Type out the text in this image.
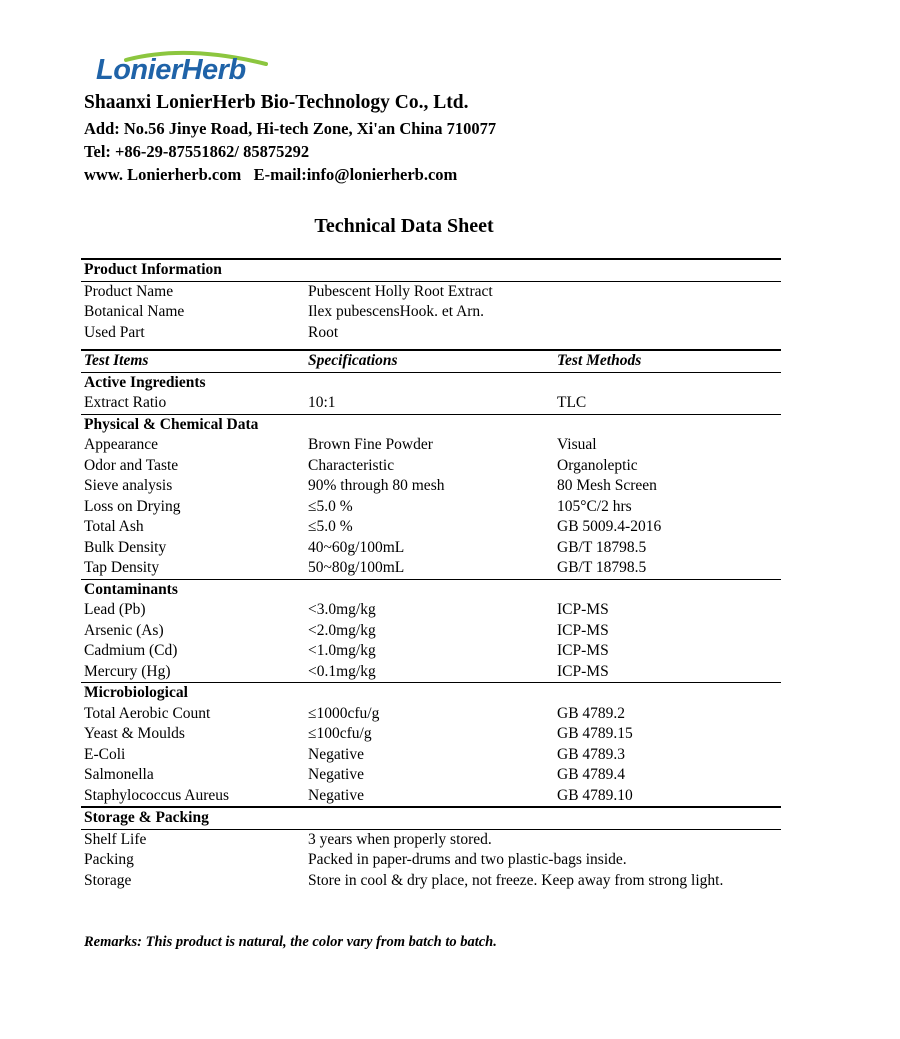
LonierHerb
Shaanxi LonierHerb Bio-Technology Co., Ltd.
Add: No.56 Jinye Road, Hi-tech Zone, Xi'an China 710077
Tel: +86-29-87551862/ 85875292
www. Lonierherb.com   E-mail:info@lonierherb.com
Technical Data Sheet
Product Information
Product Name	Pubescent Holly Root Extract
Botanical Name	Ilex pubescensHook. et Arn.
Used Part	Root
Test Items	Specifications	Test Methods
Active Ingredients
Extract Ratio	10:1	TLC
Physical & Chemical Data
Appearance	Brown Fine Powder	Visual
Odor and Taste	Characteristic	Organoleptic
Sieve analysis	90% through 80 mesh	80 Mesh Screen
Loss on Drying	≤5.0 %	105°C/2 hrs
Total Ash	≤5.0 %	GB 5009.4-2016
Bulk Density	40~60g/100mL	GB/T 18798.5
Tap Density	50~80g/100mL	GB/T 18798.5
Contaminants
Lead (Pb)	<3.0mg/kg	ICP-MS
Arsenic (As)	<2.0mg/kg	ICP-MS
Cadmium (Cd)	<1.0mg/kg	ICP-MS
Mercury (Hg)	<0.1mg/kg	ICP-MS
Microbiological
Total Aerobic Count	≤1000cfu/g	GB 4789.2
Yeast & Moulds	≤100cfu/g	GB 4789.15
E-Coli	Negative	GB 4789.3
Salmonella	Negative	GB 4789.4
Staphylococcus Aureus	Negative	GB 4789.10
Storage & Packing
Shelf Life	3 years when properly stored.
Packing	Packed in paper-drums and two plastic-bags inside.
Storage	Store in cool & dry place, not freeze. Keep away from strong light.
Remarks: This product is natural, the color vary from batch to batch.
